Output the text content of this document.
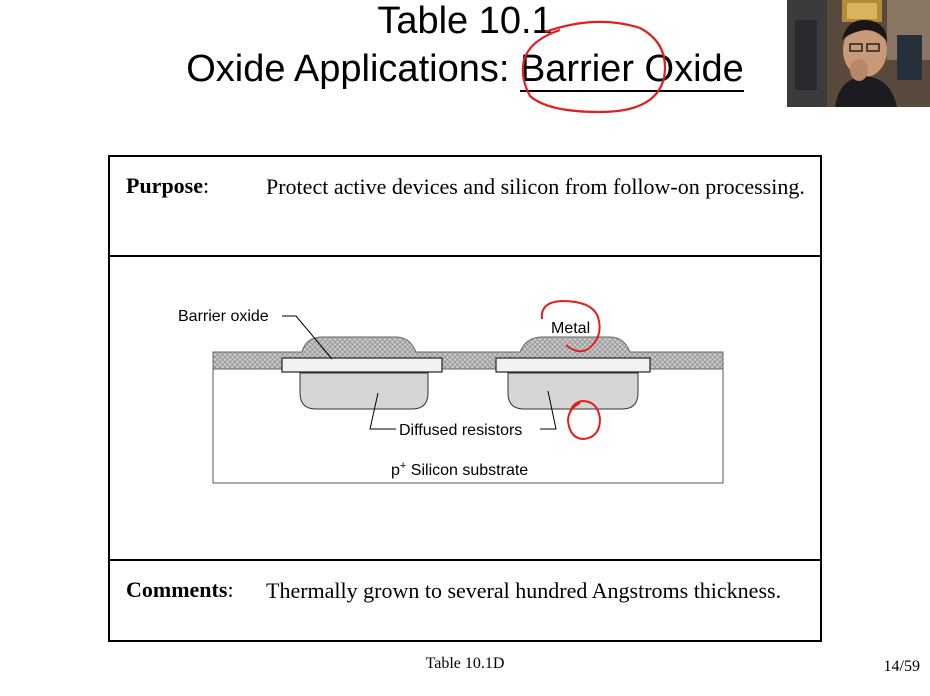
Table 10.1
Oxide Applications: Barrier Oxide
Purpose:	Protect active devices and silicon from follow-on processing.
Barrier oxide
Metal
Diffused resistors
p+ Silicon substrate
Comments: Thermally grown to several hundred Angstroms thickness.
Table 10.1D	14/59
